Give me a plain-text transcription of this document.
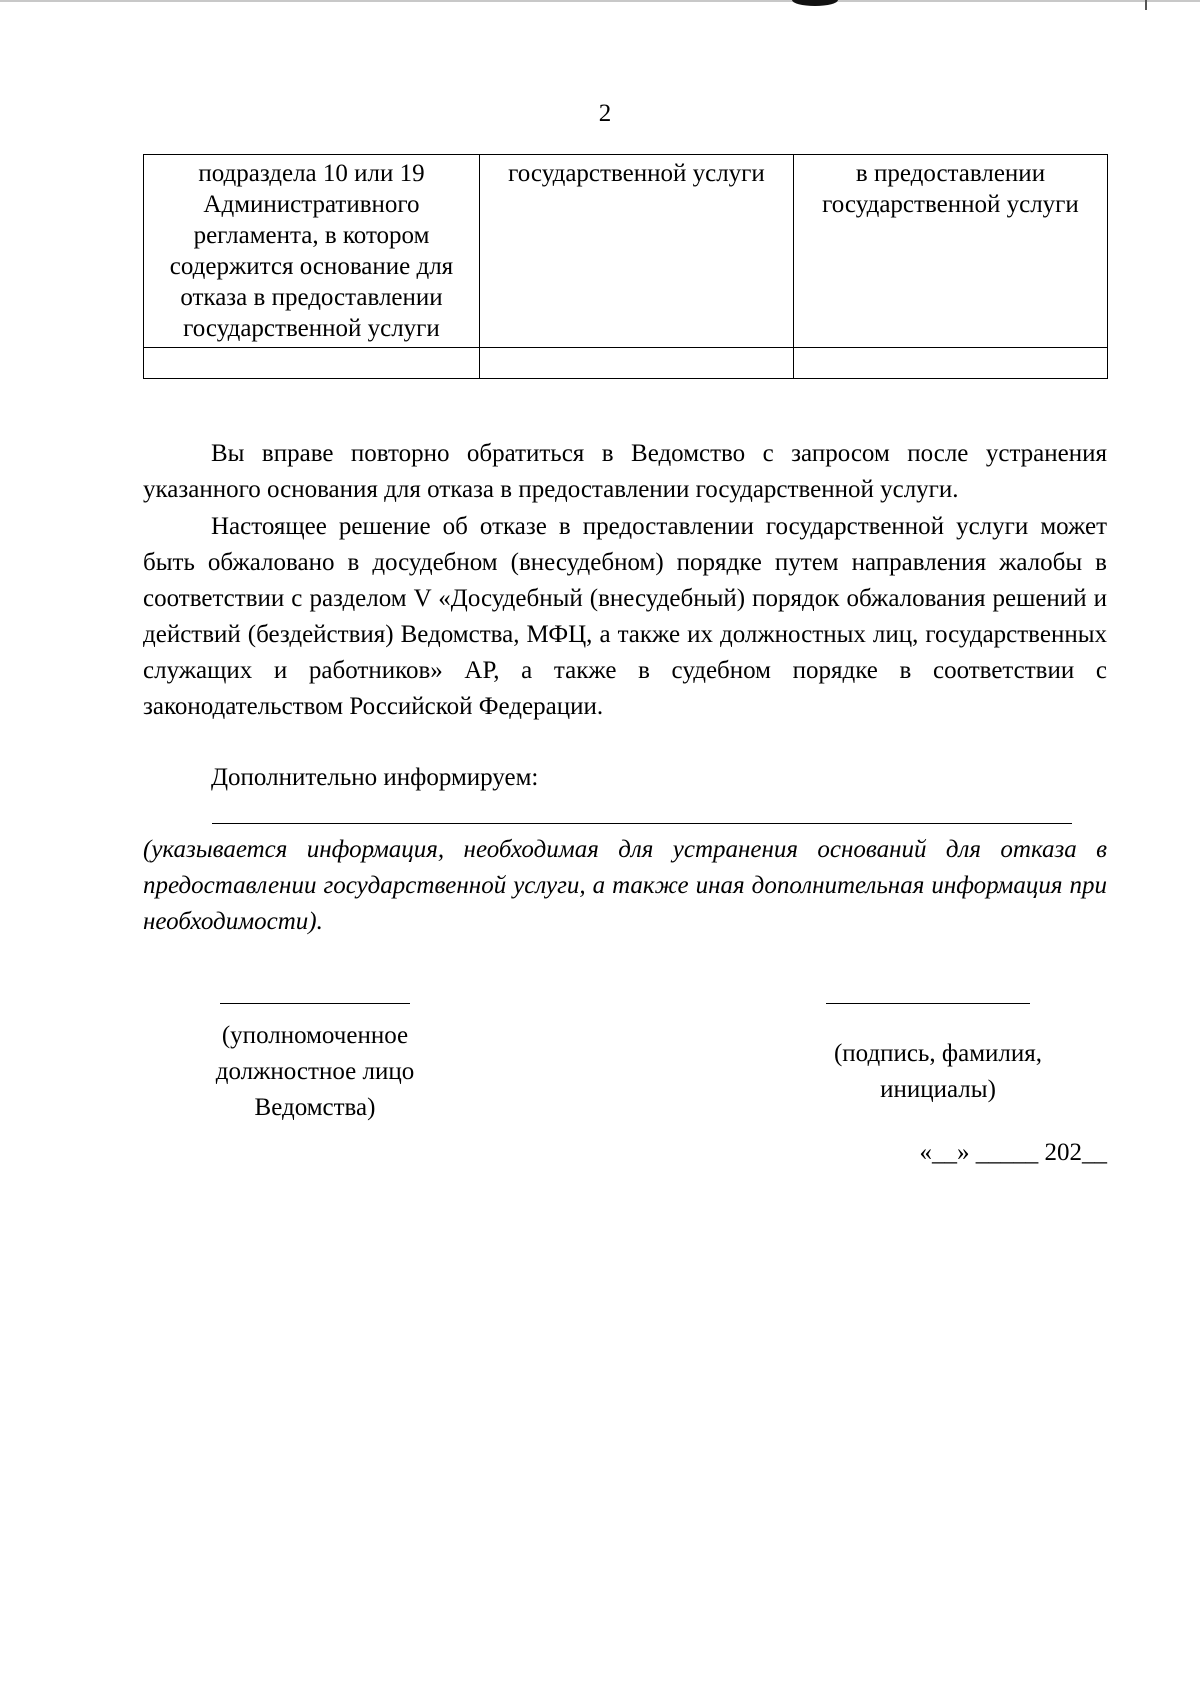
2
подраздела 10 или 19 Административного регламента, в котором содержится основание для отказа в предоставлении государственной услуги	государственной услуги	в предоставлении государственной услуги

Вы вправе повторно обратиться в Ведомство с запросом после устранения указанного основания для отказа в предоставлении государственной услуги.

Настоящее решение об отказе в предоставлении государственной услуги может быть обжаловано в досудебном (внесудебном) порядке путем направления жалобы в соответствии с разделом V «Досудебный (внесудебный) порядок обжалования решений и действий (бездействия) Ведомства, МФЦ, а также их должностных лиц, государственных служащих и работников» АР, а также в судебном порядке в соответствии с законодательством Российской Федерации.

Дополнительно информируем:

(указывается информация, необходимая для устранения оснований для отказа в предоставлении государственной услуги, а также иная дополнительная информация при необходимости).

(уполномоченное
должностное лицо
Ведомства)
(подпись, фамилия,
инициалы)
«__» _____ 202__
